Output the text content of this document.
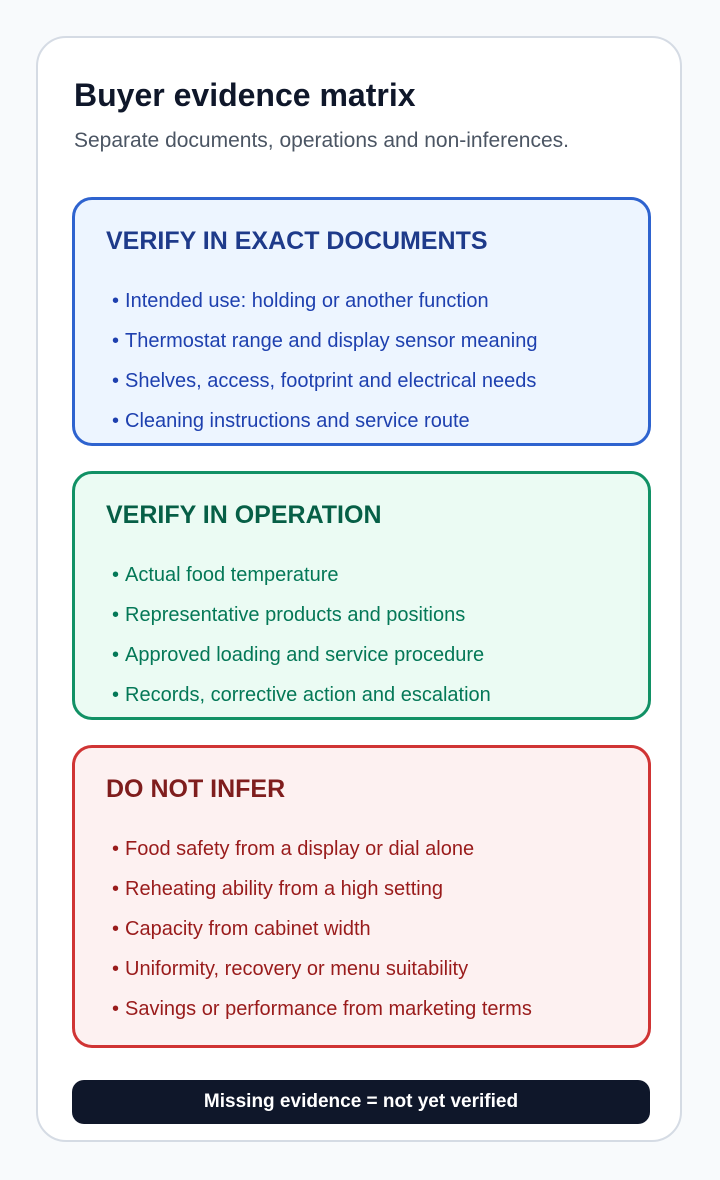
Buyer evidence matrix

Separate documents, operations and non-inferences.

VERIFY IN EXACT DOCUMENTS
• Intended use: holding or another function
• Thermostat range and display sensor meaning
• Shelves, access, footprint and electrical needs
• Cleaning instructions and service route
VERIFY IN OPERATION
• Actual food temperature
• Representative products and positions
• Approved loading and service procedure
• Records, corrective action and escalation
DO NOT INFER
• Food safety from a display or dial alone
• Reheating ability from a high setting
• Capacity from cabinet width
• Uniformity, recovery or menu suitability
• Savings or performance from marketing terms
Missing evidence = not yet verified
